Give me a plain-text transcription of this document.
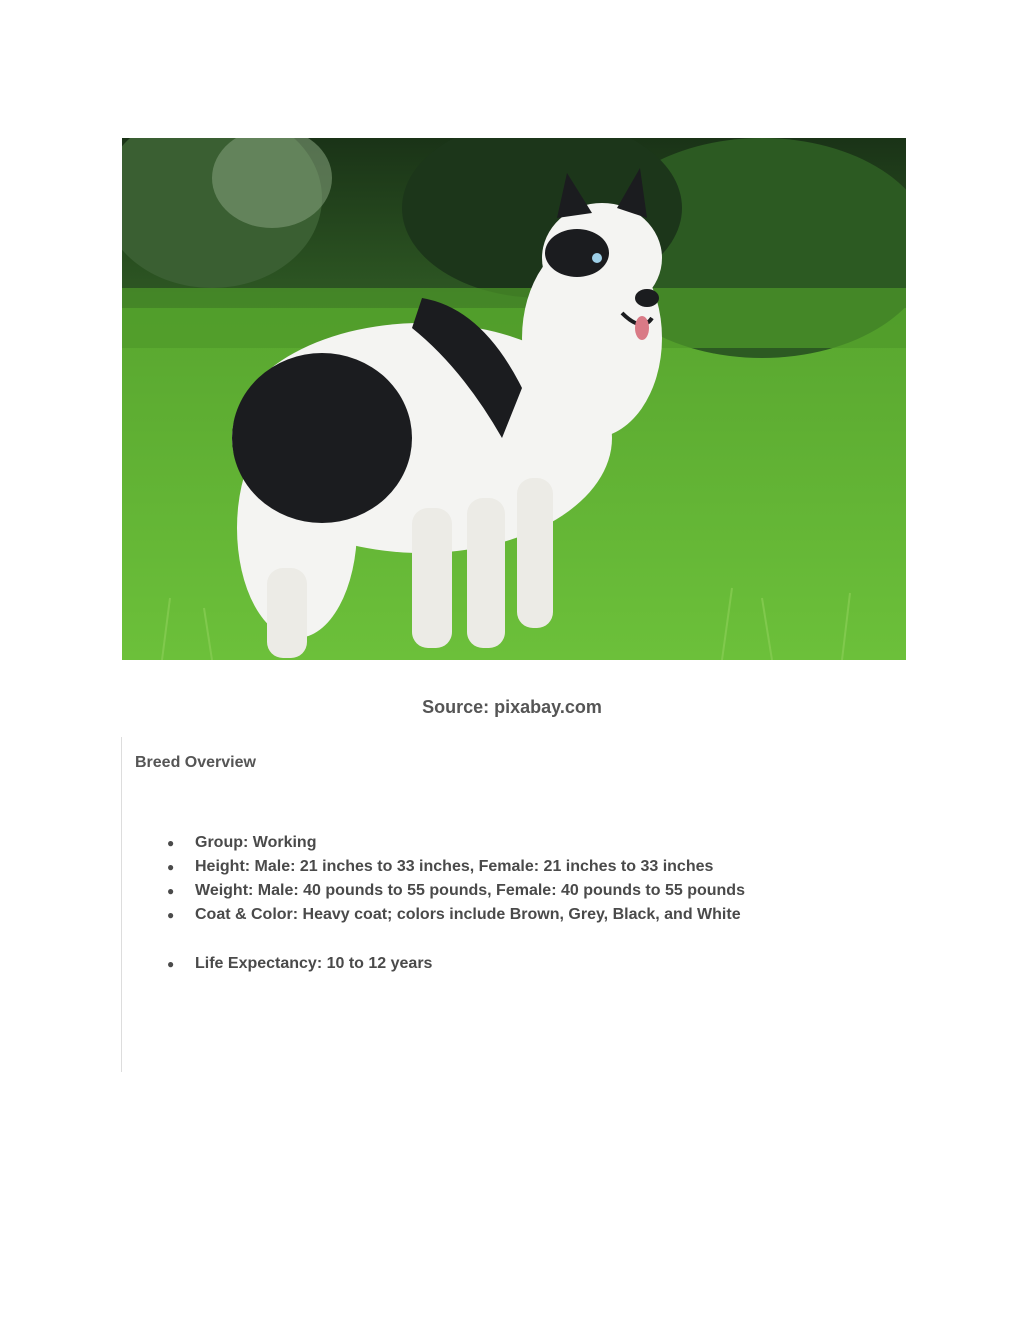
Source: pixabay.com
Breed Overview
● Group: Working
● Height: Male: 21 inches to 33 inches, Female: 21 inches to 33 inches
● Weight: Male: 40 pounds to 55 pounds, Female: 40 pounds to 55 pounds
● Coat & Color: Heavy coat; colors include Brown, Grey, Black, and White
● Life Expectancy: 10 to 12 years
